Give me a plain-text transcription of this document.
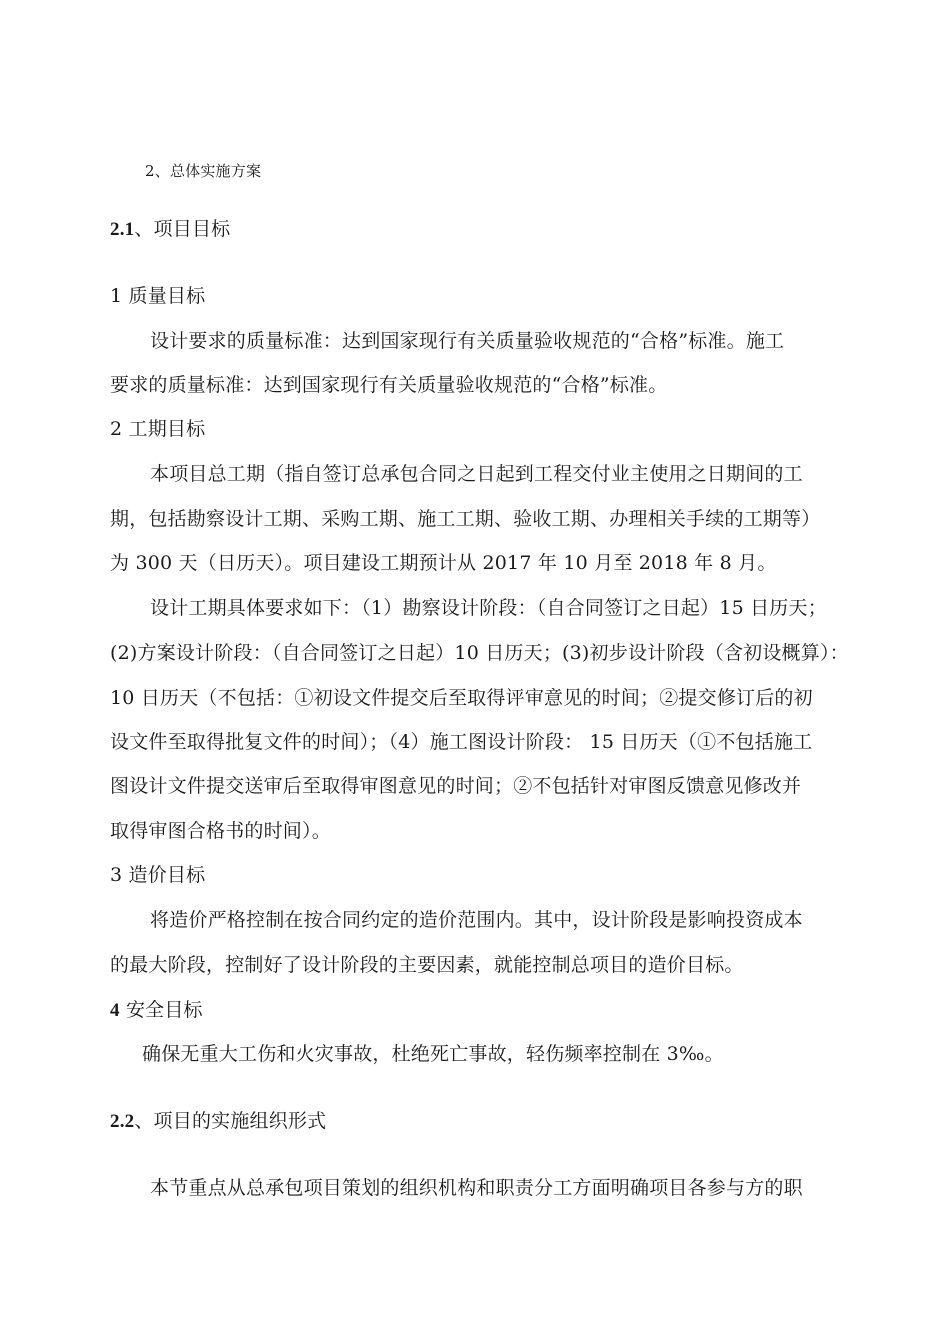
2、总体实施方案
2.1、项目目标
1 质量目标
设计要求的质量标准：达到国家现行有关质量验收规范的“合格”标准。施工
要求的质量标准：达到国家现行有关质量验收规范的“合格”标准。
2 工期目标
本项目总工期（指自签订总承包合同之日起到工程交付业主使用之日期间的工
期，包括勘察设计工期、采购工期、施工工期、验收工期、办理相关手续的工期等）
为 300 天（日历天）。项目建设工期预计从 2017 年 10 月至 2018 年 8 月。
设计工期具体要求如下：（1）勘察设计阶段：（自合同签订之日起）15 日历天；
(2)方案设计阶段：（自合同签订之日起）10 日历天；(3)初步设计阶段（含初设概算）：
10 日历天（不包括：①初设文件提交后至取得评审意见的时间；②提交修订后的初
设文件至取得批复文件的时间）；（4）施工图设计阶段： 15 日历天（①不包括施工
图设计文件提交送审后至取得审图意见的时间；②不包括针对审图反馈意见修改并
取得审图合格书的时间）。
3 造价目标
将造价严格控制在按合同约定的造价范围内。其中，设计阶段是影响投资成本
的最大阶段，控制好了设计阶段的主要因素，就能控制总项目的造价目标。
4 安全目标
确保无重大工伤和火灾事故，杜绝死亡事故，轻伤频率控制在 3‰。
2.2、项目的实施组织形式
本节重点从总承包项目策划的组织机构和职责分工方面明确项目各参与方的职
